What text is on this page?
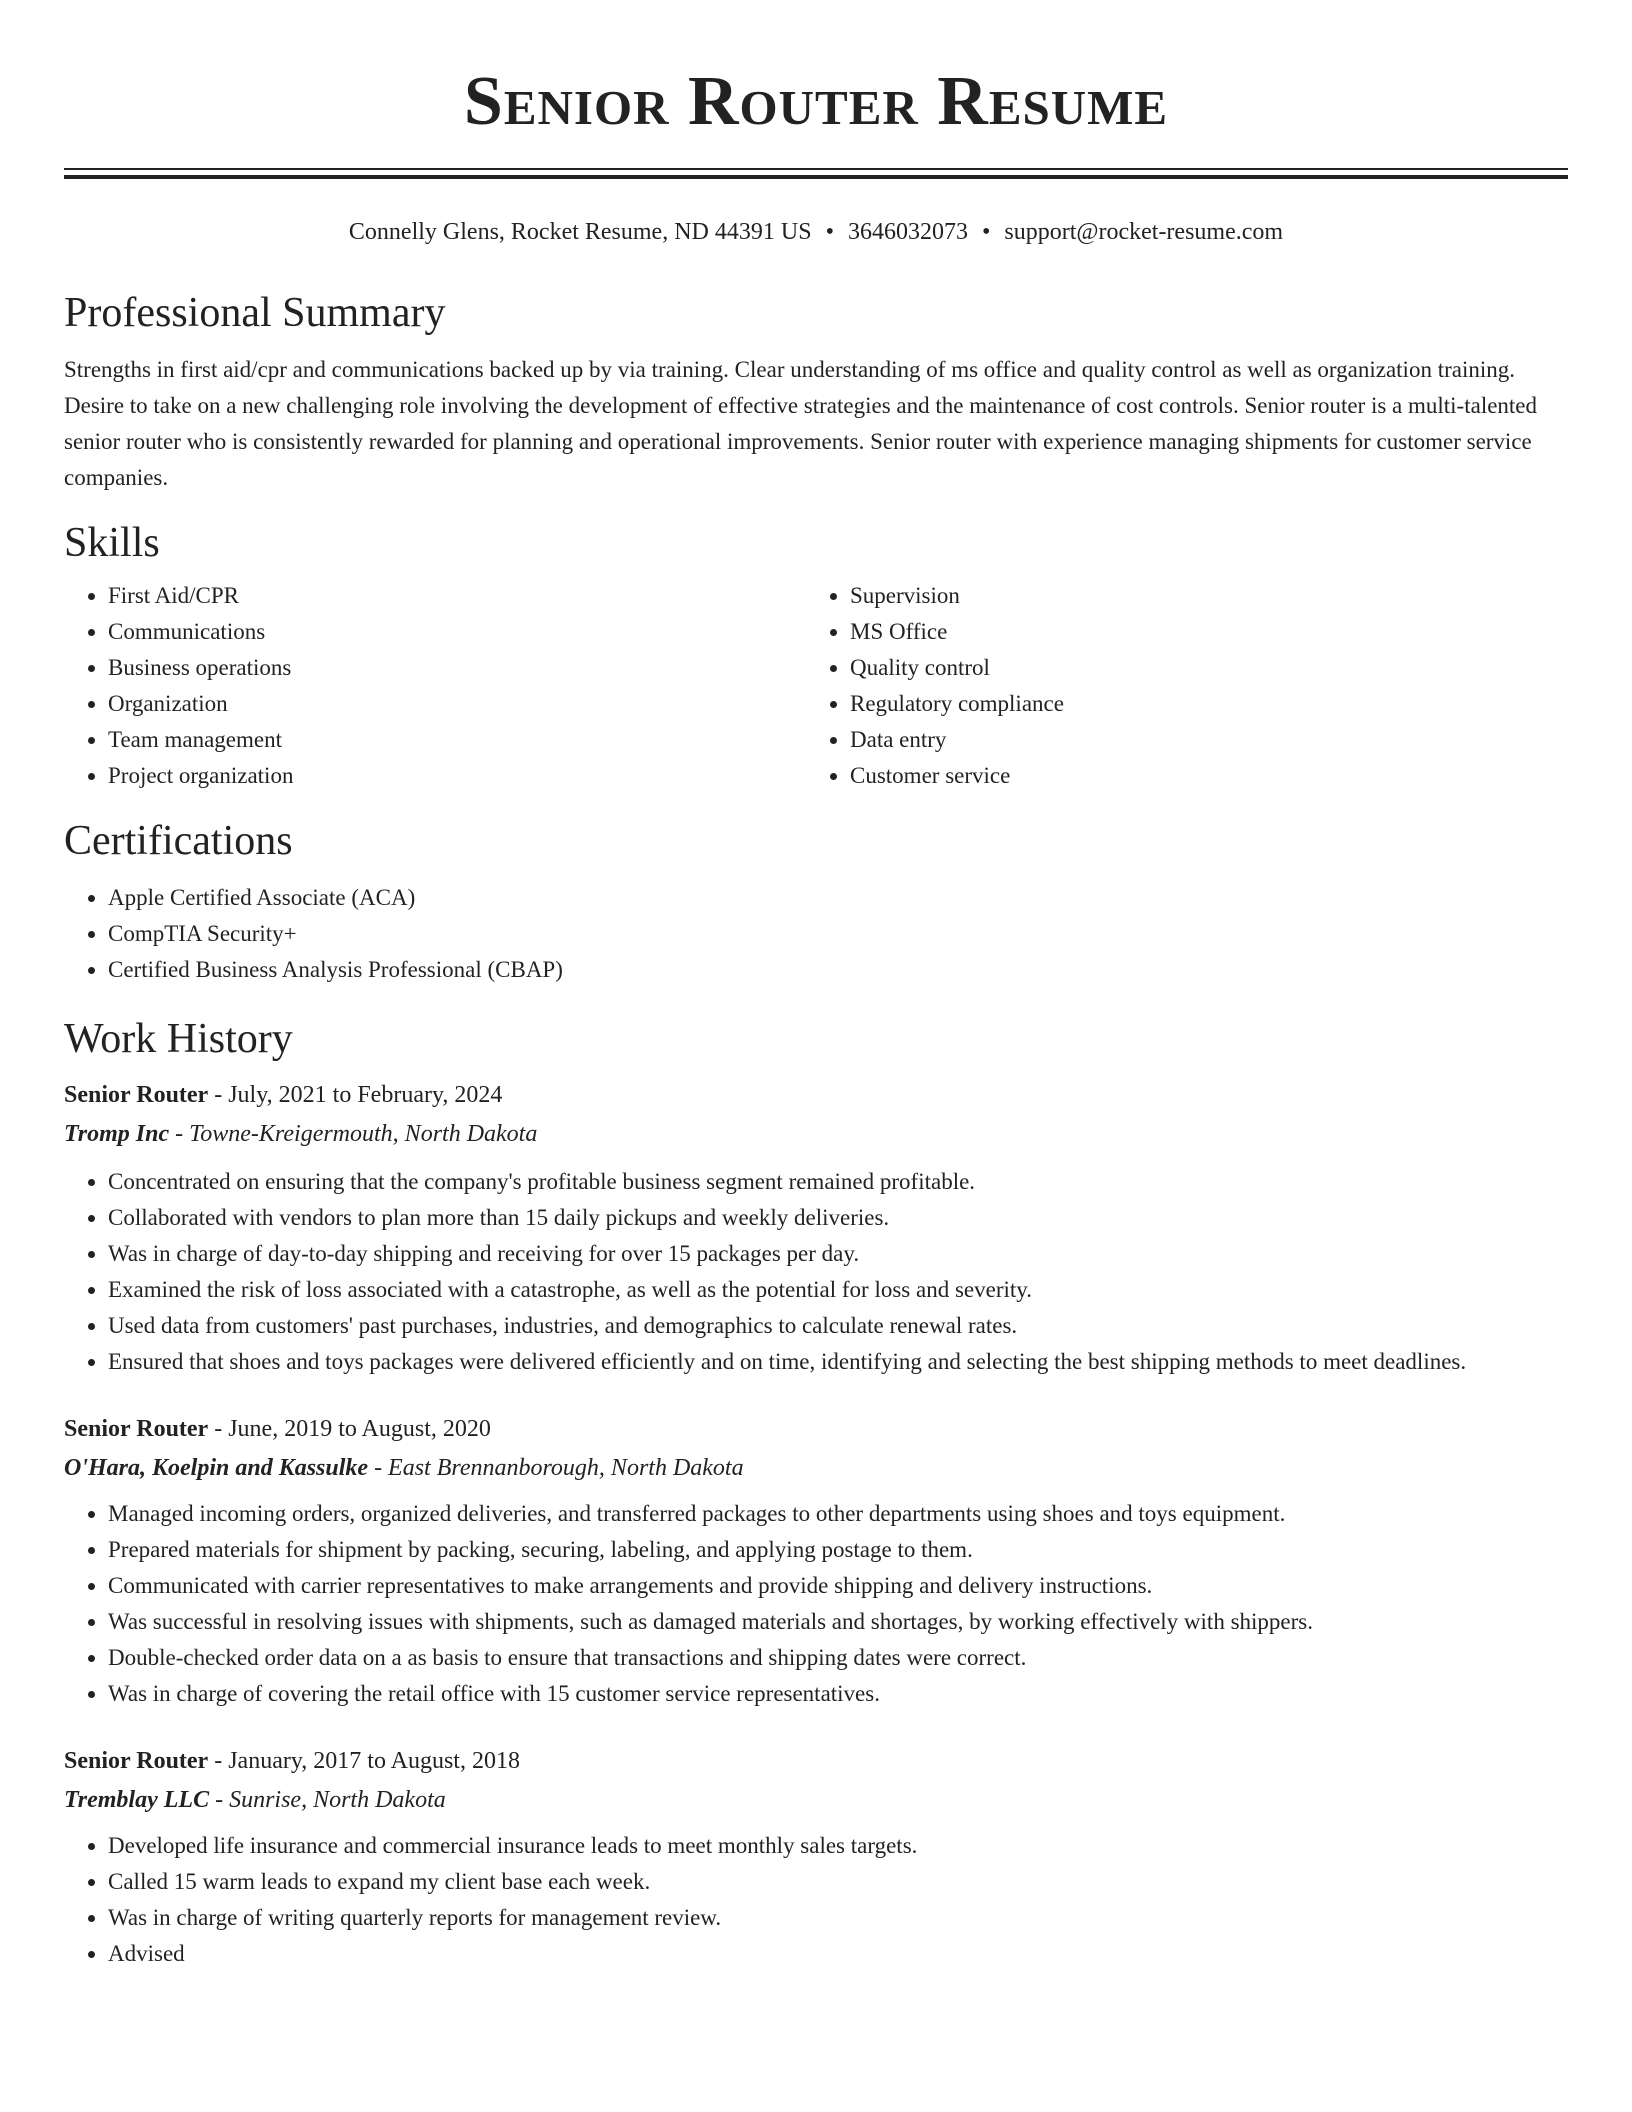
Senior Router Resume
Connelly Glens, Rocket Resume, ND 44391 US • 3646032073 • support@rocket-resume.com
Professional Summary

Strengths in first aid/cpr and communications backed up by via training. Clear understanding of ms office and quality control as well as organization training. Desire to take on a new challenging role involving the development of effective strategies and the maintenance of cost controls. Senior router is a multi-talented senior router who is consistently rewarded for planning and operational improvements. Senior router with experience managing shipments for customer service companies.

Skills
• First Aid/CPR
• Communications
• Business operations
• Organization
• Team management
• Project organization
• Supervision
• MS Office
• Quality control
• Regulatory compliance
• Data entry
• Customer service
Certifications
• Apple Certified Associate (ACA)
• CompTIA Security+
• Certified Business Analysis Professional (CBAP)
Work History
Senior Router - July, 2021 to February, 2024
Tromp Inc - Towne-Kreigermouth, North Dakota
• Concentrated on ensuring that the company's profitable business segment remained profitable.
• Collaborated with vendors to plan more than 15 daily pickups and weekly deliveries.
• Was in charge of day-to-day shipping and receiving for over 15 packages per day.
• Examined the risk of loss associated with a catastrophe, as well as the potential for loss and severity.
• Used data from customers' past purchases, industries, and demographics to calculate renewal rates.
• Ensured that shoes and toys packages were delivered efficiently and on time, identifying and selecting the best shipping methods to meet deadlines.
Senior Router - June, 2019 to August, 2020
O'Hara, Koelpin and Kassulke - East Brennanborough, North Dakota
• Managed incoming orders, organized deliveries, and transferred packages to other departments using shoes and toys equipment.
• Prepared materials for shipment by packing, securing, labeling, and applying postage to them.
• Communicated with carrier representatives to make arrangements and provide shipping and delivery instructions.
• Was successful in resolving issues with shipments, such as damaged materials and shortages, by working effectively with shippers.
• Double-checked order data on a as basis to ensure that transactions and shipping dates were correct.
• Was in charge of covering the retail office with 15 customer service representatives.
Senior Router - January, 2017 to August, 2018
Tremblay LLC - Sunrise, North Dakota
• Developed life insurance and commercial insurance leads to meet monthly sales targets.
• Called 15 warm leads to expand my client base each week.
• Was in charge of writing quarterly reports for management review.
• Advised
